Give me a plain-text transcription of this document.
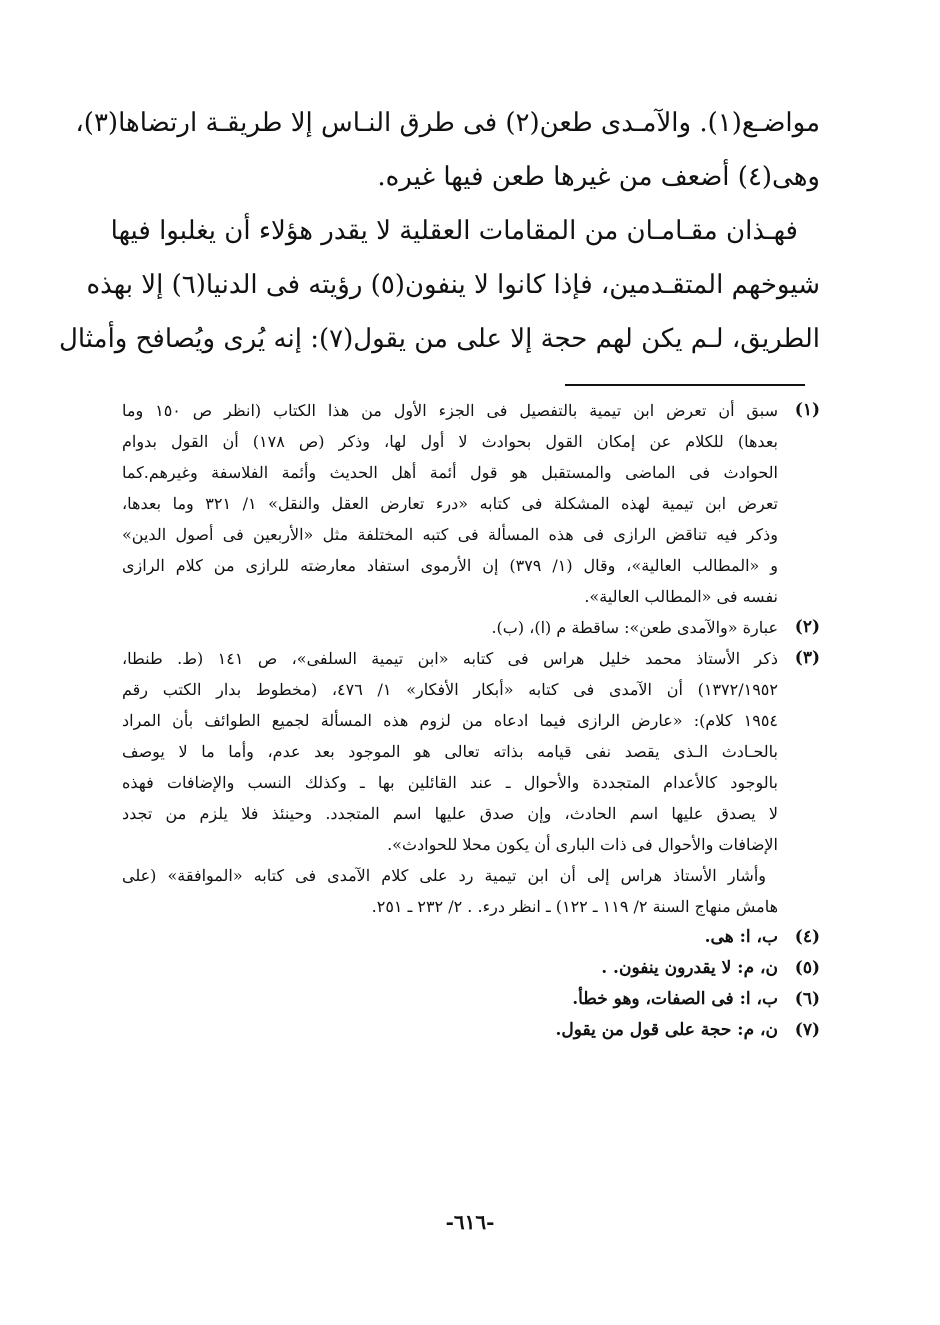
مواضـع(١). والآمـدى طعن(٢) فى طرق النـاس إلا طريقـة ارتضاها(٣)،
وهى(٤) أضعف من غيرها طعن فيها غيره.
فهـذان مقـامـان من المقامات العقلية لا يقدر هؤلاء أن يغلبوا فيها
شيوخهم المتقـدمين، فإذا كانوا لا ينفون(٥) رؤيته فى الدنيا(٦) إلا بهذه
الطريق، لـم يكن لهم حجة إلا على من يقول(٧): إنه يُرى ويُصافح وأمثال
(١)
سبق أن تعرض ابن تيمية بالتفصيل فى الجزء الأول من هذا الكتاب (انظر ص ١٥٠ وما
بعدها) للكلام عن إمكان القول بحوادث لا أول لها، وذكر (ص ١٧٨) أن القول بدوام
الحوادث فى الماضى والمستقبل هو قول أئمة أهل الحديث وأئمة الفلاسفة وغيرهم.كما
تعرض ابن تيمية لهذه المشكلة فى كتابه «درء تعارض العقل والنقل» ١/ ٣٢١ وما بعدها،
وذكر فيه تناقض الرازى فى هذه المسألة فى كتبه المختلفة مثل «الأربعين فى أصول الدين»
و «المطالب العالية»، وقال (١/ ٣٧٩) إن الأرموى استفاد معارضته للرازى من كلام الرازى
نفسه فى «المطالب العالية».
(٢)
عبارة «والآمدى طعن»: ساقطة م (ا)، (ب).
(٣)
ذكر الأستاذ محمد خليل هراس فى كتابه «ابن تيمية السلفى»، ص ١٤١ (ط. طنطا،
١٣٧٢/١٩٥٢) أن الآمدى فى كتابه «أبكار الأفكار» ١/ ٤٧٦، (مخطوط بدار الكتب رقم
١٩٥٤ كلام): «عارض الرازى فيما ادعاه من لزوم هذه المسألة لجميع الطوائف بأن المراد
بالحـادث الـذى يقصد نفى قيامه بذاته تعالى هو الموجود بعد عدم، وأما ما لا يوصف
بالوجود كالأعدام المتجددة والأحوال ـ عند القائلين بها ـ وكذلك النسب والإضافات فهذه
لا يصدق عليها اسم الحادث، وإن صدق عليها اسم المتجدد. وحينئذ فلا يلزم من تجدد
الإضافات والأحوال فى ذات البارى أن يكون محلا للحوادث».
وأشار الأستاذ هراس إلى أن ابن تيمية رد على كلام الآمدى فى كتابه «الموافقة» (على
هامش منهاج السنة ٢/ ١١٩ ـ ١٢٢) ـ انظر درء. . ٢/ ٢٣٢ ـ ٢٥١.
(٤)
ب، ا: هى.
(٥)
ن، م: لا يقدرون ينفون. .
(٦)
ب، ا: فى الصفات، وهو خطأ.
(٧)
ن، م: حجة على قول من يقول.
-٦١٦-
